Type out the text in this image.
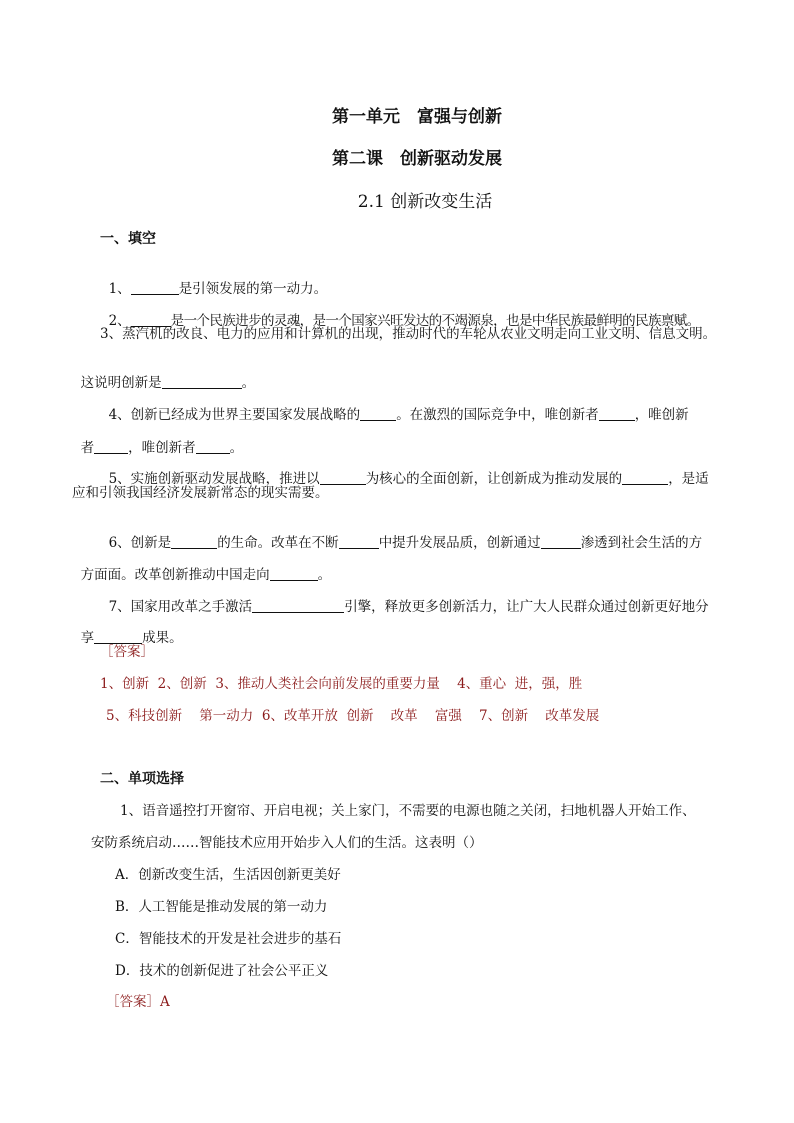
第一单元　富强与创新
第二课　创新驱动发展
2.1 创新改变生活
一、填空

1、	是引领发展的第一动力。

2、	是一个民族进步的灵魂，是一个国家兴旺发达的不竭源泉，也是中华民族最鲜明的民族禀赋。

3、蒸汽机的改良、电力的应用和计算机的出现，推动时代的车轮从农业文明走向工业文明、信息文明。

这说明创新是	。

4、创新已经成为世界主要国家发展战略的	。在激烈的国际竞争中，唯创新者	，唯创新

者	，唯创新者	。

5、实施创新驱动发展战略，推进以	为核心的全面创新，让创新成为推动发展的	，是适

应和引领我国经济发展新常态的现实需要。

6、创新是	的生命。改革在不断	中提升发展品质，创新通过	渗透到社会生活的方

方面面。改革创新推动中国走向	。

7、国家用改革之手激活	引擎，释放更多创新活力，让广大人民群众通过创新更好地分

享	成果。

［答案］
1、创新  2、创新  3、推动人类社会向前发展的重要力量    4、重心  进，强，胜
5、科技创新    第一动力  6、改革开放  创新    改革    富强    7、创新    改革发展
二、单项选择
1、语音遥控打开窗帘、开启电视；关上家门，不需要的电源也随之关闭，扫地机器人开始工作、
安防系统启动……智能技术应用开始步入人们的生活。这表明（）
A．创新改变生活，生活因创新更美好
B．人工智能是推动发展的第一动力
C．智能技术的开发是社会进步的基石
D．技术的创新促进了社会公平正义
［答案］A
